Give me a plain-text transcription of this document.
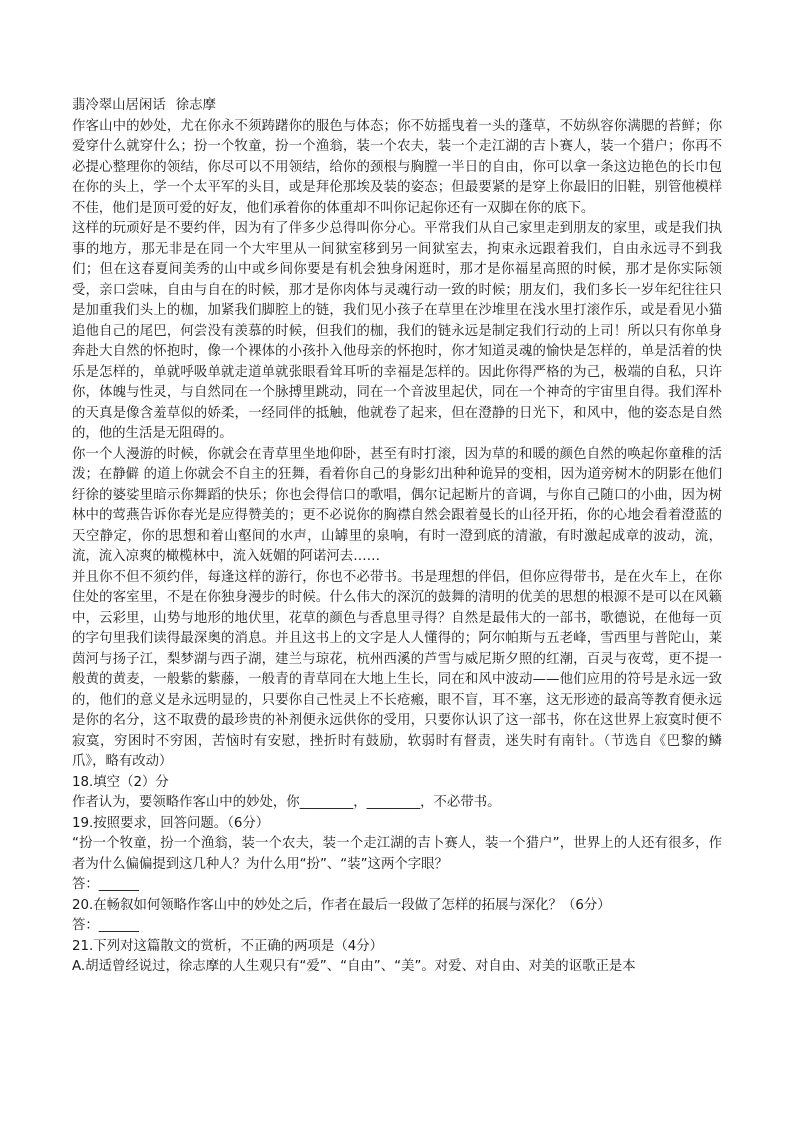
翡冷翠山居闲话 徐志摩

作客山中的妙处，尤在你永不须踌躇你的服色与体态；你不妨摇曳着一头的蓬草，不妨纵容你满腮的苔鲜；你爱穿什么就穿什么；扮一个牧童，扮一个渔翁，装一个农夫，装一个走江湖的吉卜赛人，装一个猎户；你再不必提心整理你的领结，你尽可以不用领结，给你的颈根与胸膛一半日的自由，你可以拿一条这边艳色的长巾包在你的头上，学一个太平军的头目，或是拜伦那埃及装的姿态；但最要紧的是穿上你最旧的旧鞋，别管他模样不佳，他们是顶可爱的好友，他们承着你的体重却不叫你记起你还有一双脚在你的底下。

这样的玩顽好是不要约伴，因为有了伴多少总得叫你分心。平常我们从自己家里走到朋友的家里，或是我们执事的地方，那无非是在同一个大牢里从一间狱室移到另一间狱室去，拘束永远跟着我们，自由永远寻不到我们；但在这春夏间美秀的山中或乡间你要是有机会独身闲逛时，那才是你福星高照的时候，那才是你实际领受，亲口尝味，自由与自在的时候，那才是你肉体与灵魂行动一致的时候；朋友们，我们多长一岁年纪往往只是加重我们头上的枷，加紧我们脚腔上的链，我们见小孩子在草里在沙堆里在浅水里打滚作乐，或是看见小猫追他自己的尾巴，何尝没有羡慕的时候，但我们的枷，我们的链永远是制定我们行动的上司！所以只有你单身奔赴大自然的怀抱时，像一个裸体的小孩扑入他母亲的怀抱时，你才知道灵魂的愉快是怎样的，单是活着的快乐是怎样的，单就呼吸单就走道单就张眼看耸耳听的幸福是怎样的。因此你得严格的为己，极端的自私，只许你，体魄与性灵，与自然同在一个脉搏里跳动，同在一个音波里起伏，同在一个神奇的宇宙里自得。我们浑朴的天真是像含羞草似的娇柔，一经同伴的抵触，他就卷了起来，但在澄静的日光下，和风中，他的姿态是自然的，他的生活是无阻碍的。

你一个人漫游的时候，你就会在青草里坐地仰卧，甚至有时打滚，因为草的和暖的颜色自然的唤起你童稚的活泼；在静僻 的道上你就会不自主的狂舞，看着你自己的身影幻出种种诡异的变相，因为道旁树木的阴影在他们纡徐的婆娑里暗示你舞蹈的快乐；你也会得信口的歌唱，偶尔记起断片的音调，与你自己随口的小曲，因为树林中的莺燕告诉你春光是应得赞美的；更不必说你的胸襟自然会跟着曼长的山径开拓，你的心地会看着澄蓝的天空静定，你的思想和着山壑间的水声，山罅里的泉响，有时一澄到底的清澈，有时激起成章的波动，流，流，流入凉爽的橄榄林中，流入妩媚的阿诺河去……

并且你不但不须约伴，每逢这样的游行，你也不必带书。书是理想的伴侣，但你应得带书，是在火车上，在你住处的客室里，不是在你独身漫步的时候。什么伟大的深沉的鼓舞的清明的优美的思想的根源不是可以在风籁中，云彩里，山势与地形的地伏里，花草的颜色与香息里寻得？自然是最伟大的一部书，歌德说，在他每一页的字句里我们读得最深奥的消息。并且这书上的文字是人人懂得的；阿尔帕斯与五老峰，雪西里与普陀山，莱茵河与扬子江，梨梦湖与西子湖，建兰与琼花，杭州西溪的芦雪与威尼斯夕照的红潮，百灵与夜莺，更不提一般黄的黄麦，一般紫的紫藤，一般青的青草同在大地上生长，同在和风中波动——他们应用的符号是永远一致的，他们的意义是永远明显的，只要你自己性灵上不长疮瘢，眼不盲，耳不塞，这无形迹的最高等教育便永远是你的名分，这不取费的最珍贵的补剂便永远供你的受用，只要你认识了这一部书，你在这世界上寂寞时便不寂寞，穷困时不穷困，苦恼时有安慰，挫折时有鼓励，软弱时有督责，迷失时有南针。（节选自《巴黎的鳞爪》，略有改动）

18.填空（2）分

作者认为，要领略作客山中的妙处，你________，________，不必带书。

19.按照要求，回答问题。（6分）

“扮一个牧童，扮一个渔翁，装一个农夫，装一个走江湖的吉卜赛人，装一个猎户”，世界上的人还有很多，作者为什么偏偏提到这几种人？为什么用“扮”、“装”这两个字眼？

答：______

20.在畅叙如何领略作客山中的妙处之后，作者在最后一段做了怎样的拓展与深化？（6分）

答：______

21.下列对这篇散文的赏析，不正确的两项是（4分）

A.胡适曾经说过，徐志摩的人生观只有“爱”、“自由”、“美”。对爱、对自由、对美的讴歌正是本
